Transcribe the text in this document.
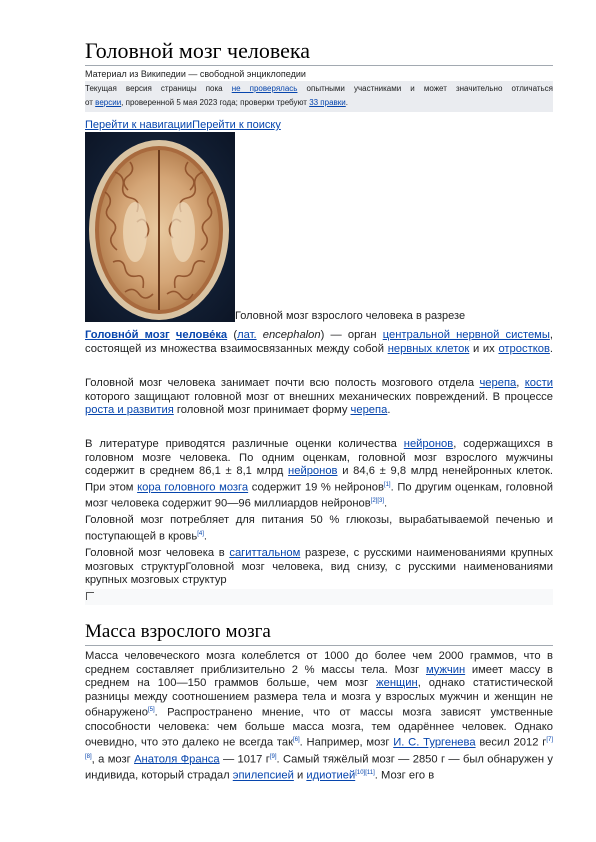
Головной мозг человека
Материал из Википедии — свободной энциклопедии
Текущая версия страницы пока не проверялась опытными участниками и может значительно отличаться
от версии, проверенной 5 мая 2023 года; проверки требуют 33 правки.
Перейти к навигацииПерейти к поиску
Головной мозг взрослого человека в разрезе
Головно́й мозг челове́ка (лат. encephalon) — орган центральной нервной системы, состоящей из множества взаимосвязанных между собой нервных клеток и их отростков.
Головной мозг человека занимает почти всю полость мозгового отдела черепа, кости которого защищают головной мозг от внешних механических повреждений. В процессе роста и развития головной мозг принимает форму черепа.
В литературе приводятся различные оценки количества нейронов, содержащихся в головном мозге человека. По одним оценкам, головной мозг взрослого мужчины содержит в среднем 86,1 ± 8,1 млрд нейронов и 84,6 ± 9,8 млрд ненейронных клеток. При этом кора головного мозга содержит 19 % нейронов[1]. По другим оценкам, головной мозг человека содержит 90—96 миллиардов нейронов[2][3].
Головной мозг потребляет для питания 50 % глюкозы, вырабатываемой печенью и поступающей в кровь[4].
Головной мозг человека в сагиттальном разрезе, с русскими наименованиями крупных мозговых структурГоловной мозг человека, вид снизу, с русскими наименованиями крупных мозговых структур
Масса взрослого мозга
Масса человеческого мозга колеблется от 1000 до более чем 2000 граммов, что в среднем составляет приблизительно 2 % массы тела. Мозг мужчин имеет массу в среднем на 100—150 граммов больше, чем мозг женщин, однако статистической разницы между соотношением размера тела и мозга у взрослых мужчин и женщин не обнаружено[5]. Распространено мнение, что от массы мозга зависят умственные способности человека: чем больше масса мозга, тем одарённее человек. Однако очевидно, что это далеко не всегда так[6]. Например, мозг И. С. Тургенева весил 2012 г[7][8], а мозг Анатоля Франса — 1017 г[9]. Самый тяжёлый мозг — 2850 г — был обнаружен у индивида, который страдал эпилепсией и идиотией[10][11]. Мозг его в
